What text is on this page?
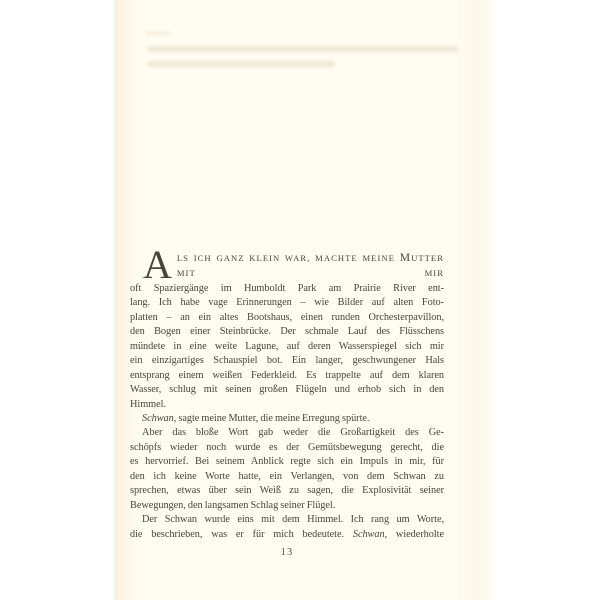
A LS ICH GANZ KLEIN WAR, MACHTE MEINE MUTTER MIT MIR
oft Spaziergänge im Humboldt Park am Prairie River ent-
lang. Ich habe vage Erinnerungen – wie Bilder auf alten Foto-
platten – an ein altes Bootshaus, einen runden Orchesterpavillon,
den Bogen einer Steinbrücke. Der schmale Lauf des Flüsschens
mündete in eine weite Lagune, auf deren Wasserspiegel sich mir
ein einzigartiges Schauspiel bot. Ein langer, geschwungener Hals
entsprang einem weißen Federkleid. Es trappelte auf dem klaren
Wasser, schlug mit seinen großen Flügeln und erhob sich in den
Himmel.
Schwan, sagte meine Mutter, die meine Erregung spürte.
Aber das bloße Wort gab weder die Großartigkeit des Ge-
schöpfs wieder noch wurde es der Gemütsbewegung gerecht, die
es hervorrief. Bei seinem Anblick regte sich ein Impuls in mir, für
den ich keine Worte hatte, ein Verlangen, von dem Schwan zu
sprechen, etwas über sein Weiß zu sagen, die Explosivität seiner
Bewegungen, den langsamen Schlag seiner Flügel.
Der Schwan wurde eins mit dem Himmel. Ich rang um Worte,
die beschrieben, was er für mich bedeutete. Schwan, wiederholte
13
